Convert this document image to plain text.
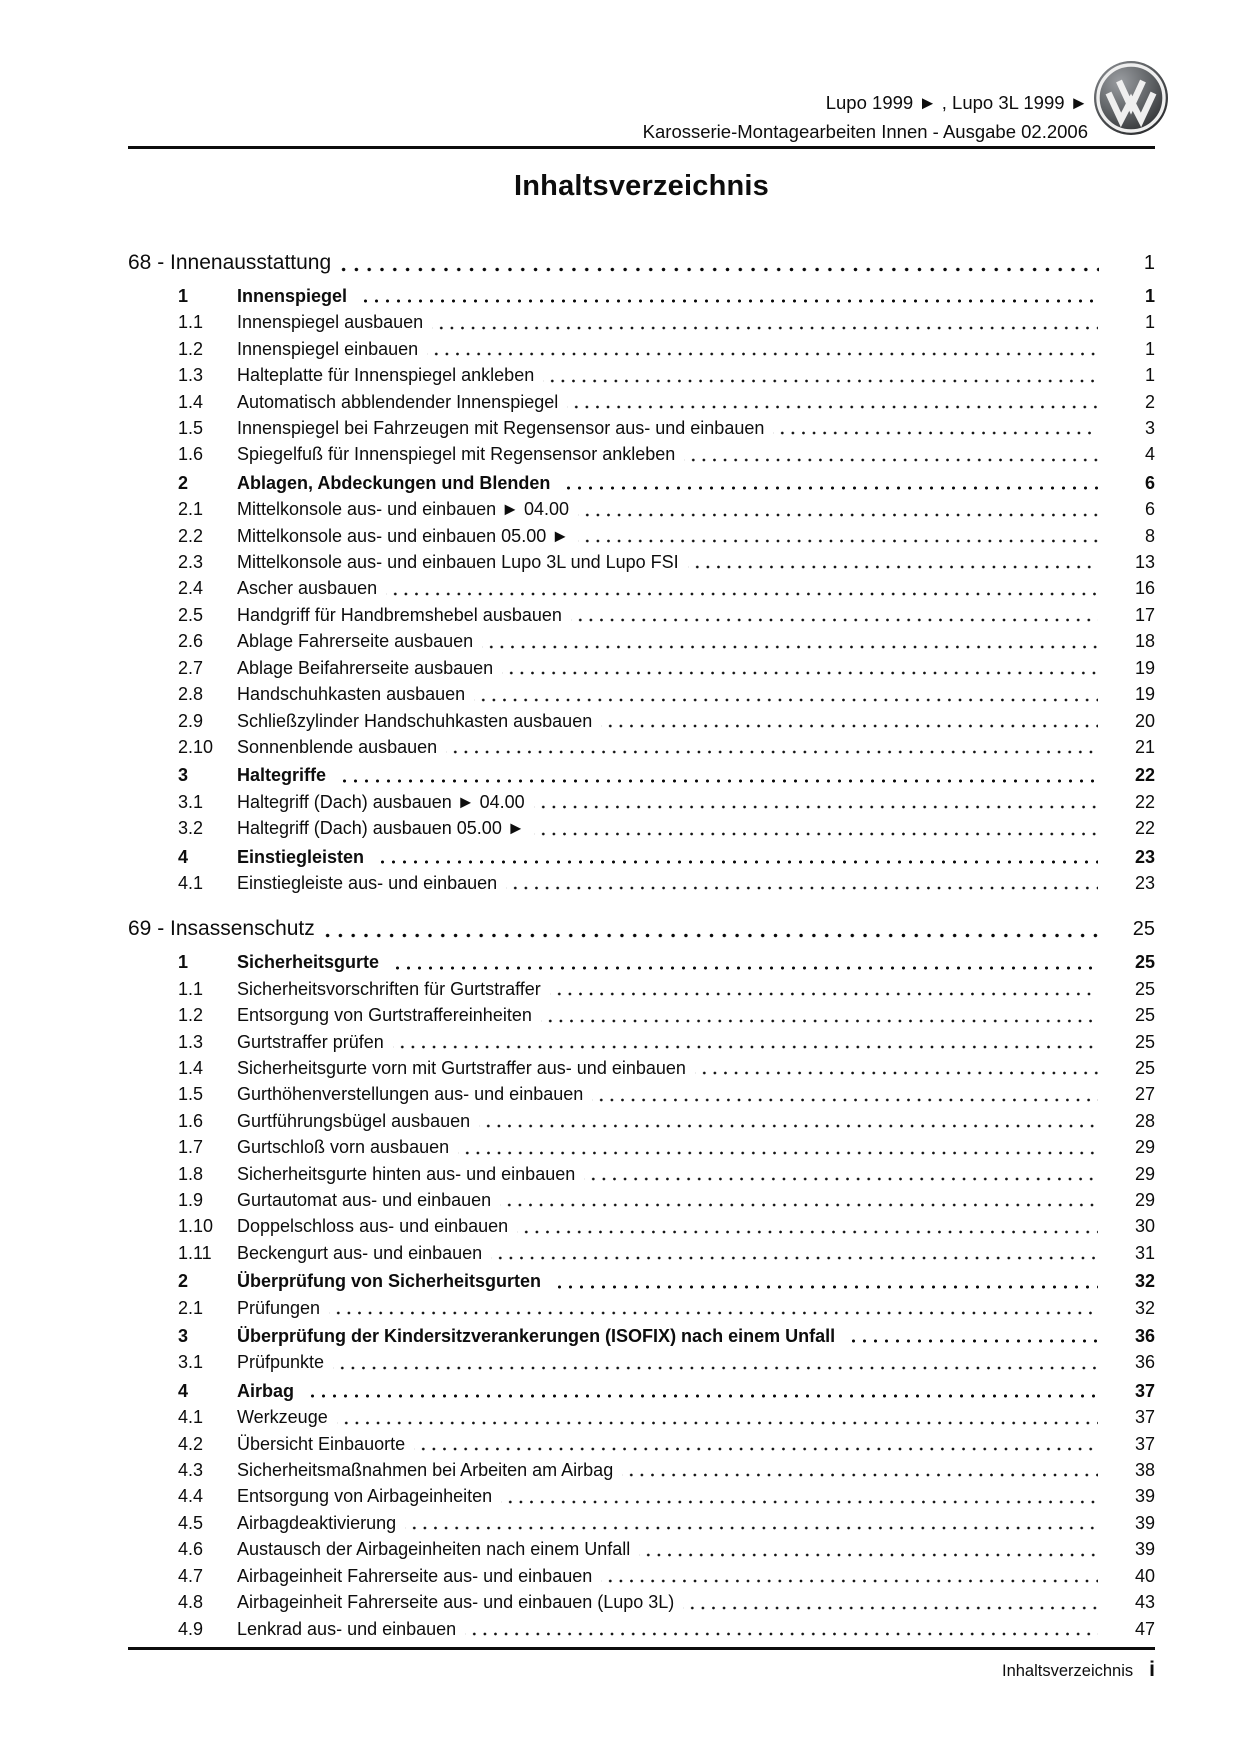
Lupo 1999 ► , Lupo 3L 1999 ►
Karosserie-Montagearbeiten Innen - Ausgabe 02.2006
Inhaltsverzeichnis
68 - Innenausstattung	1
1	Innenspiegel	1
1.1	Innenspiegel ausbauen	1
1.2	Innenspiegel einbauen	1
1.3	Halteplatte für Innenspiegel ankleben	1
1.4	Automatisch abblendender Innenspiegel	2
1.5	Innenspiegel bei Fahrzeugen mit Regensensor aus- und einbauen	3
1.6	Spiegelfuß für Innenspiegel mit Regensensor ankleben	4
2	Ablagen, Abdeckungen und Blenden	6
2.1	Mittelkonsole aus- und einbauen ► 04.00	6
2.2	Mittelkonsole aus- und einbauen 05.00 ►	8
2.3	Mittelkonsole aus- und einbauen Lupo 3L und Lupo FSI	13
2.4	Ascher ausbauen	16
2.5	Handgriff für Handbremshebel ausbauen	17
2.6	Ablage Fahrerseite ausbauen	18
2.7	Ablage Beifahrerseite ausbauen	19
2.8	Handschuhkasten ausbauen	19
2.9	Schließzylinder Handschuhkasten ausbauen	20
2.10	Sonnenblende ausbauen	21
3	Haltegriffe	22
3.1	Haltegriff (Dach) ausbauen ► 04.00	22
3.2	Haltegriff (Dach) ausbauen 05.00 ►	22
4	Einstiegleisten	23
4.1	Einstiegleiste aus- und einbauen	23
69 - Insassenschutz	25
1	Sicherheitsgurte	25
1.1	Sicherheitsvorschriften für Gurtstraffer	25
1.2	Entsorgung von Gurtstraffereinheiten	25
1.3	Gurtstraffer prüfen	25
1.4	Sicherheitsgurte vorn mit Gurtstraffer aus- und einbauen	25
1.5	Gurthöhenverstellungen aus- und einbauen	27
1.6	Gurtführungsbügel ausbauen	28
1.7	Gurtschloß vorn ausbauen	29
1.8	Sicherheitsgurte hinten aus- und einbauen	29
1.9	Gurtautomat aus- und einbauen	29
1.10	Doppelschloss aus- und einbauen	30
1.11	Beckengurt aus- und einbauen	31
2	Überprüfung von Sicherheitsgurten	32
2.1	Prüfungen	32
3	Überprüfung der Kindersitzverankerungen (ISOFIX) nach einem Unfall	36
3.1	Prüfpunkte	36
4	Airbag	37
4.1	Werkzeuge	37
4.2	Übersicht Einbauorte	37
4.3	Sicherheitsmaßnahmen bei Arbeiten am Airbag	38
4.4	Entsorgung von Airbageinheiten	39
4.5	Airbagdeaktivierung	39
4.6	Austausch der Airbageinheiten nach einem Unfall	39
4.7	Airbageinheit Fahrerseite aus- und einbauen	40
4.8	Airbageinheit Fahrerseite aus- und einbauen (Lupo 3L)	43
4.9	Lenkrad aus- und einbauen	47
Inhaltsverzeichnis i
